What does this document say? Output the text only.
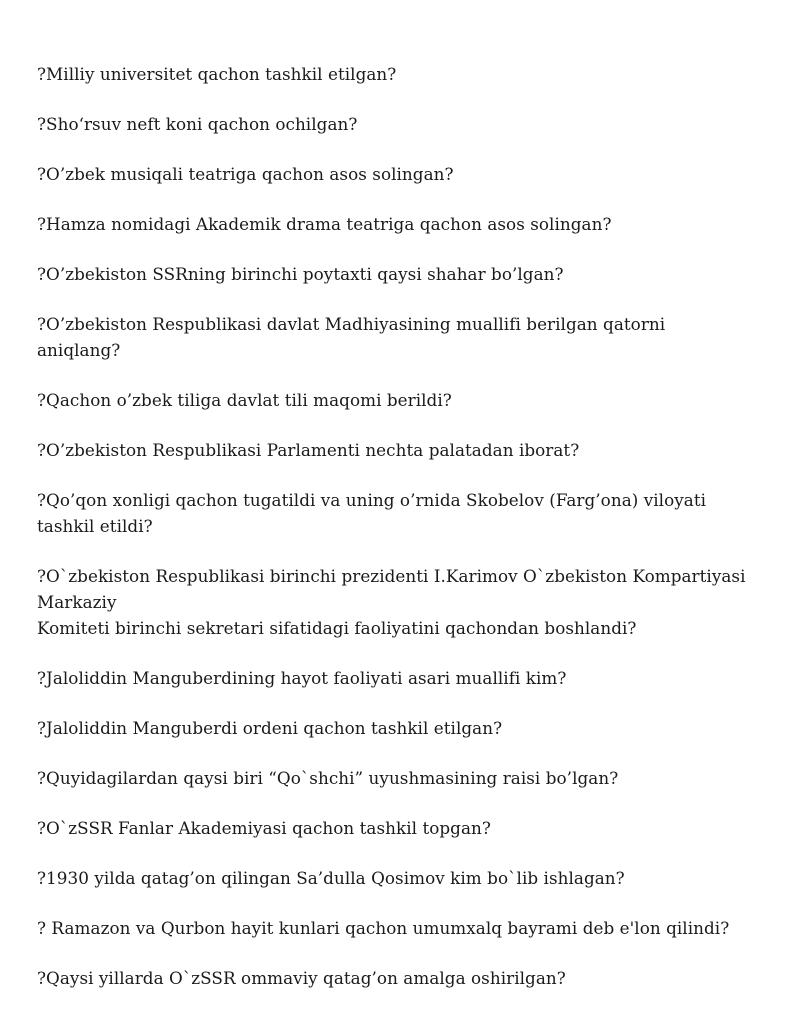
?Milliy universitet qachon tashkil etilgan?
?Sho‘rsuv neft koni qachon ochilgan?
?O’zbek musiqali teatriga qachon asos solingan?
?Hamza nomidagi Akademik drama teatriga qachon asos solingan?
?O’zbekiston SSRning birinchi poytaxti qaysi shahar bo’lgan?
?O’zbekiston Respublikasi davlat Madhiyasining muallifi berilgan qatorni
aniqlang?
?Qachon o’zbek tiliga davlat tili maqomi berildi?
?O’zbekiston Respublikasi Parlamenti nechta palatadan iborat?
?Qo’qon xonligi qachon tugatildi va uning o’rnida Skobelov (Farg’ona) viloyati
tashkil etildi?
?O`zbekiston Respublikasi birinchi prezidenti I.Karimov O`zbekiston Kompartiyasi
Markaziy
Komiteti birinchi sekretari sifatidagi faoliyatini qachondan boshlandi?
?Jaloliddin Manguberdining hayot faoliyati asari muallifi kim?
?Jaloliddin Manguberdi ordeni qachon tashkil etilgan?
?Quyidagilardan qaysi biri “Qo`shchi” uyushmasining raisi bo’lgan?
?O`zSSR Fanlar Akademiyasi qachon tashkil topgan?
?1930 yilda qatag’on qilingan Sa’dulla Qosimov kim bo`lib ishlagan?
? Ramazon va Qurbon hayit kunlari qachon umumxalq bayrami deb e'lon qilindi?
?Qaysi yillarda O`zSSR ommaviy qatag’on amalga oshirilgan?
